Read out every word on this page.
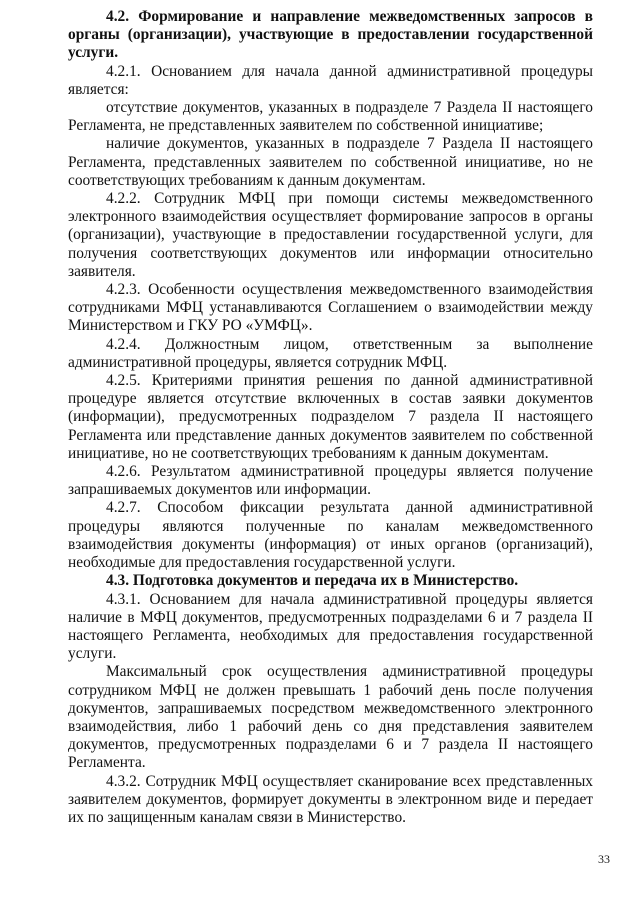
4.2. Формирование и направление межведомственных запросов в органы (организации), участвующие в предоставлении государственной услуги.

4.2.1. Основанием для начала данной административной процедуры является:

отсутствие документов, указанных в подразделе 7 Раздела II настоящего Регламента, не представленных заявителем по собственной инициативе;

наличие документов, указанных в подразделе 7 Раздела II настоящего Регламента, представленных заявителем по собственной инициативе, но не соответствующих требованиям к данным документам.

4.2.2. Сотрудник МФЦ при помощи системы межведомственного электронного взаимодействия осуществляет формирование запросов в органы (организации), участвующие в предоставлении государственной услуги, для получения соответствующих документов или информации относительно заявителя.

4.2.3. Особенности осуществления межведомственного взаимодействия сотрудниками МФЦ устанавливаются Соглашением о взаимодействии между Министерством и ГКУ РО «УМФЦ».

4.2.4. Должностным лицом, ответственным за выполнение административной процедуры, является сотрудник МФЦ.

4.2.5. Критериями принятия решения по данной административной процедуре является отсутствие включенных в состав заявки документов (информации), предусмотренных подразделом 7 раздела II настоящего Регламента или представление данных документов заявителем по собственной инициативе, но не соответствующих требованиям к данным документам.

4.2.6. Результатом административной процедуры является получение запрашиваемых документов или информации.

4.2.7. Способом фиксации результата данной административной процедуры являются полученные по каналам межведомственного взаимодействия документы (информация) от иных органов (организаций), необходимые для предоставления государственной услуги.

4.3. Подготовка документов и передача их в Министерство.

4.3.1. Основанием для начала административной процедуры является наличие в МФЦ документов, предусмотренных подразделами 6 и 7 раздела II настоящего Регламента, необходимых для предоставления государственной услуги.

Максимальный срок осуществления административной процедуры сотрудником МФЦ не должен превышать 1 рабочий день после получения документов, запрашиваемых посредством межведомственного электронного взаимодействия, либо 1 рабочий день со дня представления заявителем документов, предусмотренных подразделами 6 и 7 раздела II настоящего Регламента.

4.3.2. Сотрудник МФЦ осуществляет сканирование всех представленных заявителем документов, формирует документы в электронном виде и передает их по защищенным каналам связи в Министерство.

33
